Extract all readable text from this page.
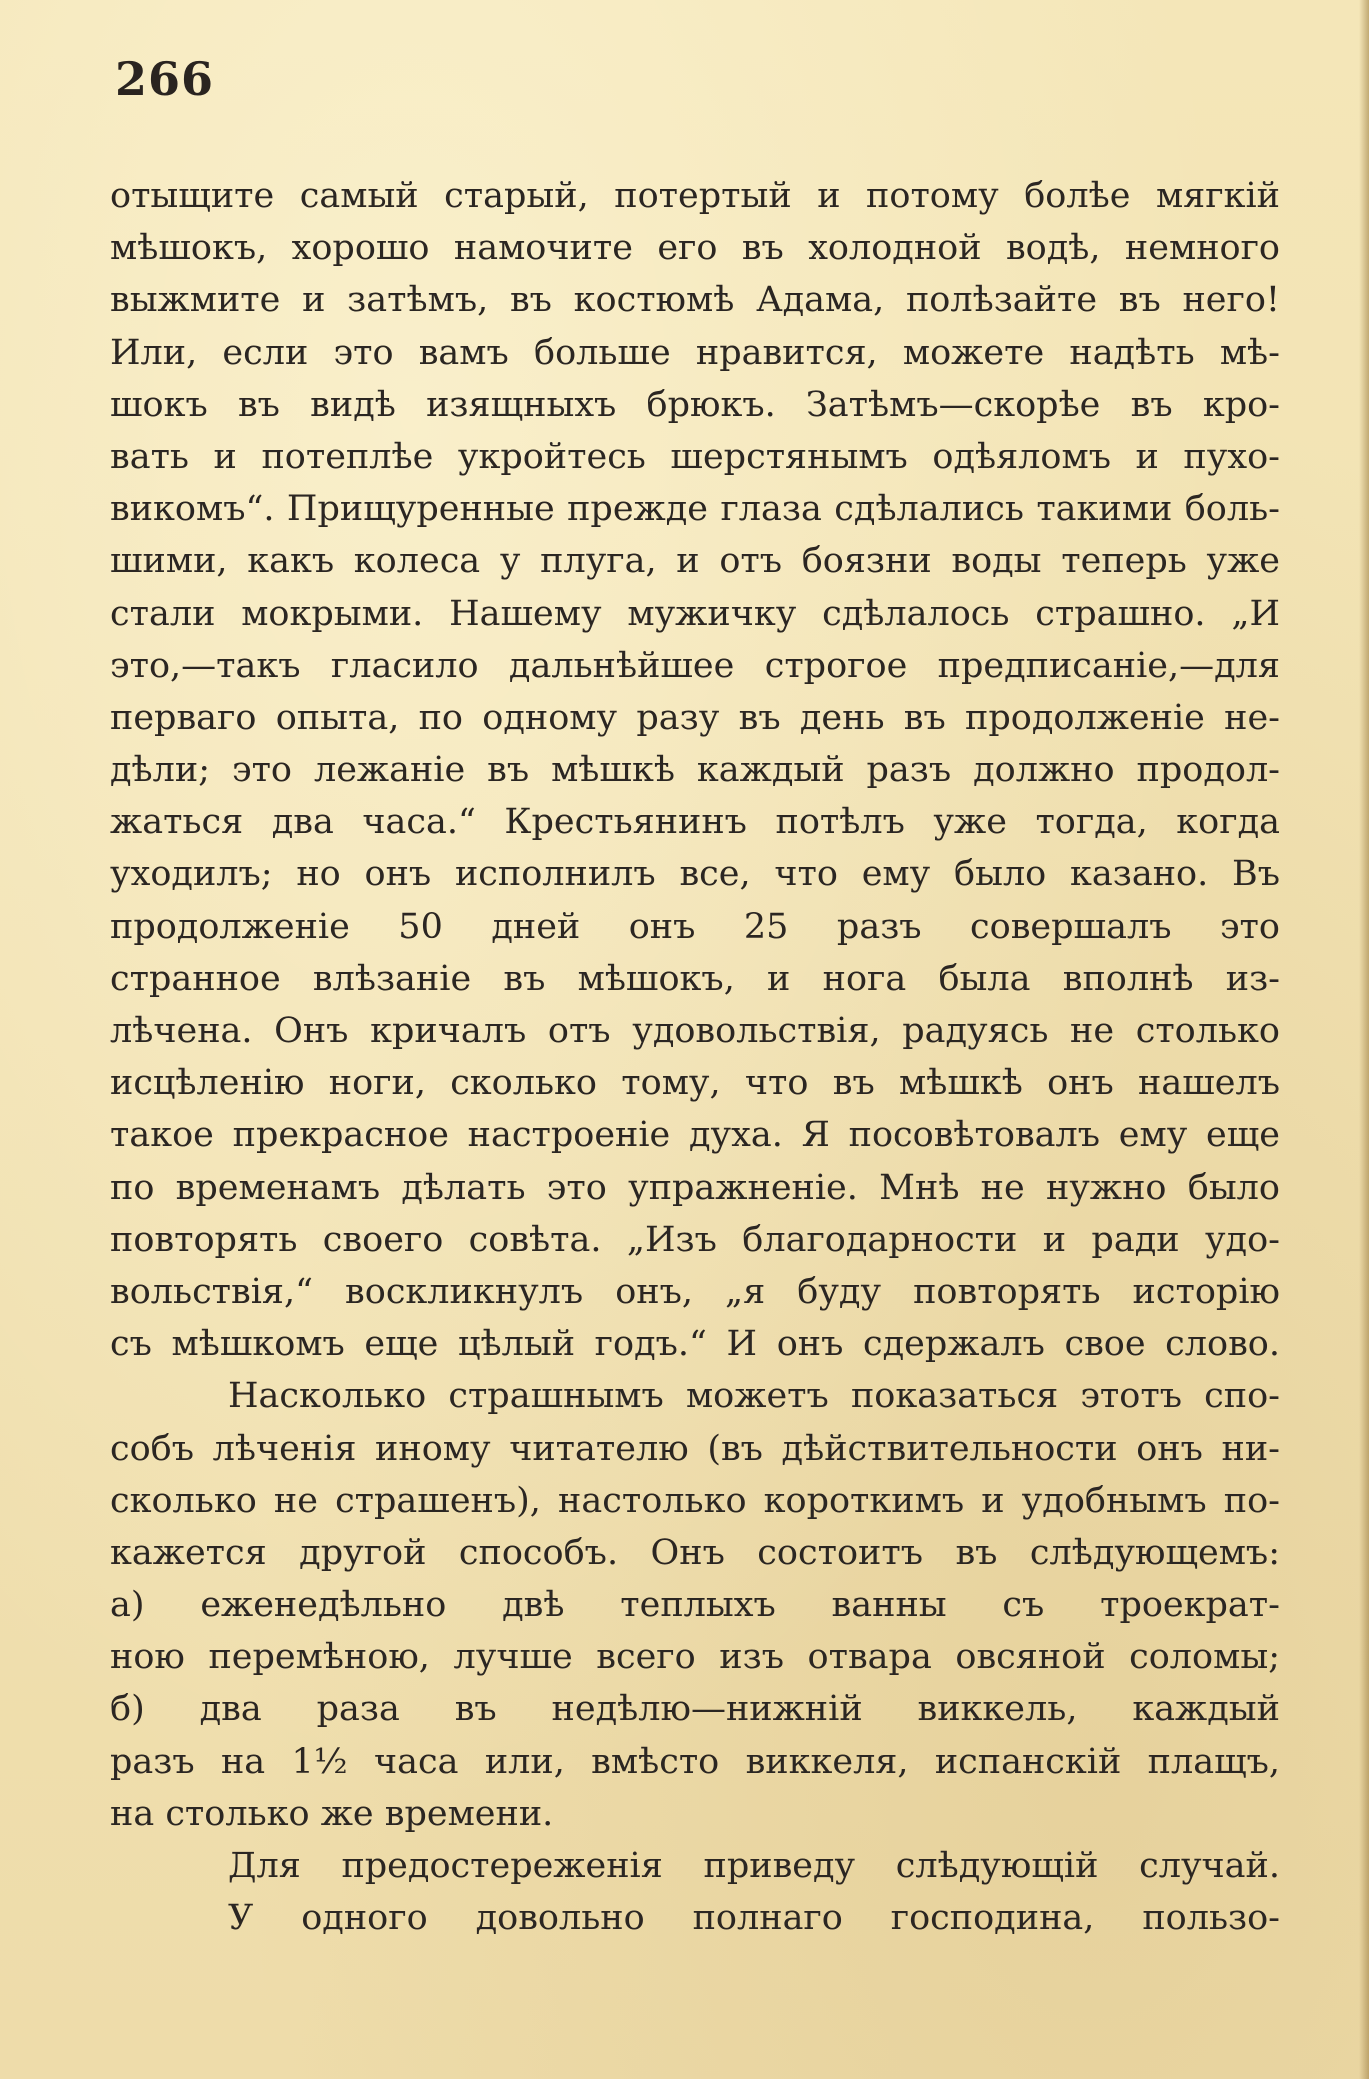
266
отыщите самый старый, потертый и потому болѣе мягкій
мѣшокъ, хорошо намочите его въ холодной водѣ, немного
выжмите и затѣмъ, въ костюмѣ Адама, полѣзайте въ него!
Или, если это вамъ больше нравится, можете надѣть мѣ-
шокъ въ видѣ изящныхъ брюкъ. Затѣмъ—скорѣе въ кро-
вать и потеплѣе укройтесь шерстянымъ одѣяломъ и пухо-
викомъ“. Прищуренные прежде глаза сдѣлались такими боль-
шими, какъ колеса у плуга, и отъ боязни воды теперь уже
стали мокрыми. Нашему мужичку сдѣлалось страшно. „И
это,—такъ гласило дальнѣйшее строгое предписаніе,—для
перваго опыта, по одному разу въ день въ продолженіе не-
дѣли; это лежаніе въ мѣшкѣ каждый разъ должно продол-
жаться два часа.“ Крестьянинъ потѣлъ уже тогда, когда
уходилъ; но онъ исполнилъ все, что ему было казано. Въ
продолженіе 50 дней онъ 25 разъ совершалъ это
странное влѣзаніе въ мѣшокъ, и нога была вполнѣ из-
лѣчена. Онъ кричалъ отъ удовольствія, радуясь не столько
исцѣленію ноги, сколько тому, что въ мѣшкѣ онъ нашелъ
такое прекрасное настроеніе духа. Я посовѣтовалъ ему еще
по временамъ дѣлать это упражненіе. Мнѣ не нужно было
повторять своего совѣта. „Изъ благодарности и ради удо-
вольствія,“ воскликнулъ онъ, „я буду повторять исторію
съ мѣшкомъ еще цѣлый годъ.“ И онъ сдержалъ свое слово.
Насколько страшнымъ можетъ показаться этотъ спо-
собъ лѣченія иному читателю (въ дѣйствительности онъ ни-
сколько не страшенъ), настолько короткимъ и удобнымъ по-
кажется другой способъ. Онъ состоитъ въ слѣдующемъ:
а) еженедѣльно двѣ теплыхъ ванны съ троекрат-
ною перемѣною, лучше всего изъ отвара овсяной соломы;
б) два раза въ недѣлю—нижній виккель, каждый
разъ на 1½ часа или, вмѣсто виккеля, испанскій плащъ,
на столько же времени.
Для предостереженія приведу слѣдующій случай.
У одного довольно полнаго господина, пользо-
